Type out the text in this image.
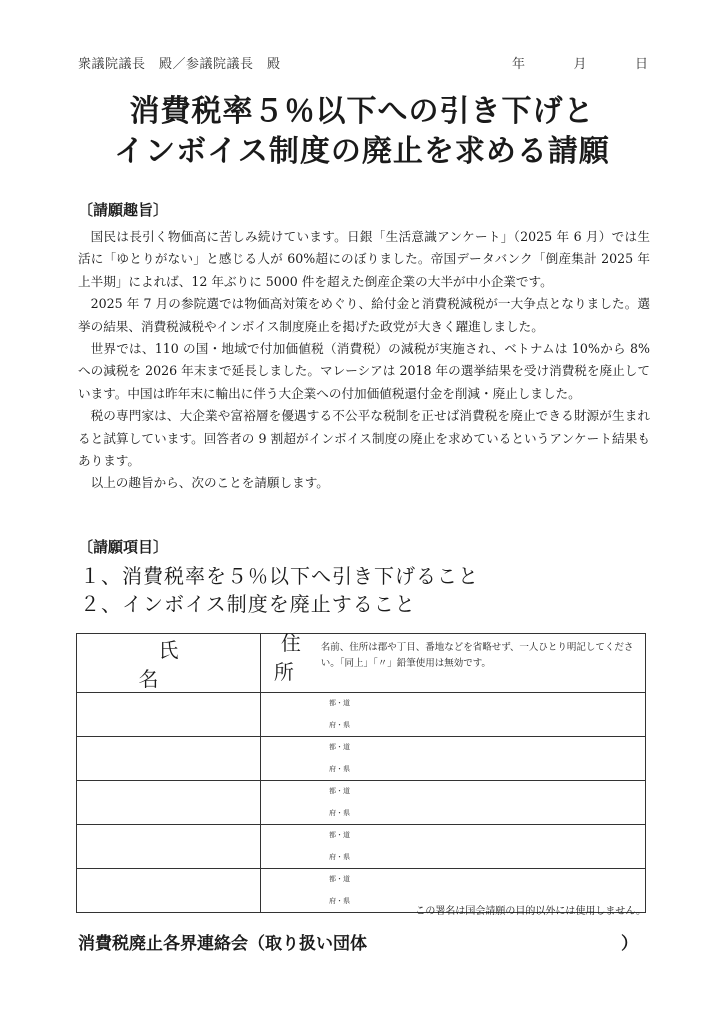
衆議院議長　殿／参議院議長　殿	年	月	日
消費税率５％以下への引き下げと
インボイス制度の廃止を求める請願
〔請願趣旨〕

国民は長引く物価高に苦しみ続けています。日銀「生活意識アンケート」（2025 年 6 月）では生活に「ゆとりがない」と感じる人が 60%超にのぼりました。帝国データバンク「倒産集計 2025 年上半期」によれば、12 年ぶりに 5000 件を超えた倒産企業の大半が中小企業です。

2025 年 7 月の参院選では物価高対策をめぐり、給付金と消費税減税が一大争点となりました。選挙の結果、消費税減税やインボイス制度廃止を掲げた政党が大きく躍進しました。

世界では、110 の国・地域で付加価値税（消費税）の減税が実施され、ベトナムは 10%から 8%への減税を 2026 年末まで延長しました。マレーシアは 2018 年の選挙結果を受け消費税を廃止しています。中国は昨年末に輸出に伴う大企業への付加価値税還付金を削減・廃止しました。

税の専門家は、大企業や富裕層を優遇する不公平な税制を正せば消費税を廃止できる財源が生まれると試算しています。回答者の 9 割超がインボイス制度の廃止を求めているというアンケート結果もあります。

以上の趣旨から、次のことを請願します。

〔請願項目〕
１、消費税率を５％以下へ引き下げること
２、インボイス制度を廃止すること
氏　名	住所
名前、住所は郡や丁目、番地などを省略せず、一人ひとり明記してください。「同上」「〃」鉛筆使用は無効です。

	都・道
府・県

	都・道
府・県

	都・道
府・県

	都・道
府・県

	都・道
府・県
この署名は国会請願の目的以外には使用しません。
消費税廃止各界連絡会（取り扱い団体	）
